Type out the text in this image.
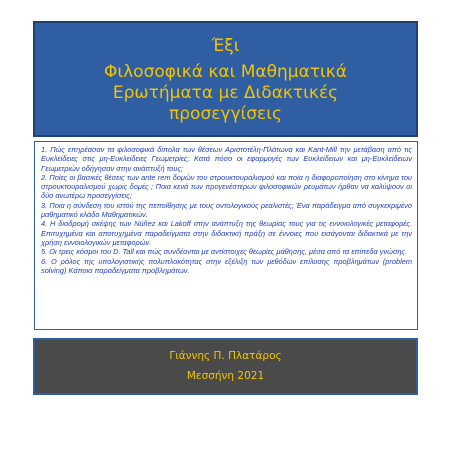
Έξι
Φιλοσοφικά και Μαθηματικά
Ερωτήματα με Διδακτικές
προσεγγίσεις

1. Πώς επηρέασαν τα φιλοσοφικά δίπολα των θέσεων Αριστοτέλη-Πλάτωνα και Kant-Mill την μετάβαση από τις Ευκλείδειες στις μη-Ευκλείδειες Γεωμετρίες; Κατά πόσο οι εφαρμογές των Ευκλείδειων και μη-Ευκλείδειων Γεωμετριών οδήγησαν στην ανάπτυξή τους;

2. Ποίες οι βασικές θέσεις των ante rem δομών του στρουκτουραλισμού και ποία η διαφοροποίηση στο κίνημα του στρουκτουραλισμού χωρίς δομές ; Ποια κενά των προγενέστερων φιλοσοφικών ρευμάτων ήρθαν να καλύψουν οι δύο ανωτέρω προσεγγίσεις;

3. Ποια η σύνδεση του ιστού της πεποίθησης με τους οντολογικούς ρεαλιστές; Ένα παράδειγμα από συγκεκριμένο μαθηματικό κλάδο Μαθηματικών.

4. Η διαδρομή σκέψης των Νúñez και Lakoff στην ανάπτυξη της θεωρίας τους για τις εννοιολογικές μεταφορές. Επιτυχημένα και αποτυχημένα παραδείγματα στην διδακτική πράξη σε έννοιες που εισάγονται διδακτικά με την χρήση εννοιολογικών μεταφορών.

5. Οι τρεις κόσμοι του D. Tall και πώς συνδέονται με αντίστοιχες θεωρίες μάθησης, μέσα από τα επίπεδα γνώσης.

6. Ο ρόλος της υπολογιστικής πολυπλοκότητας στην εξέλιξη των μεθόδων επίλυσης προβλημάτων (problem solving) Κάποια παραδείγματα προβλημάτων.

Γιάννης Π. Πλατάρος
Μεσσήνη 2021
